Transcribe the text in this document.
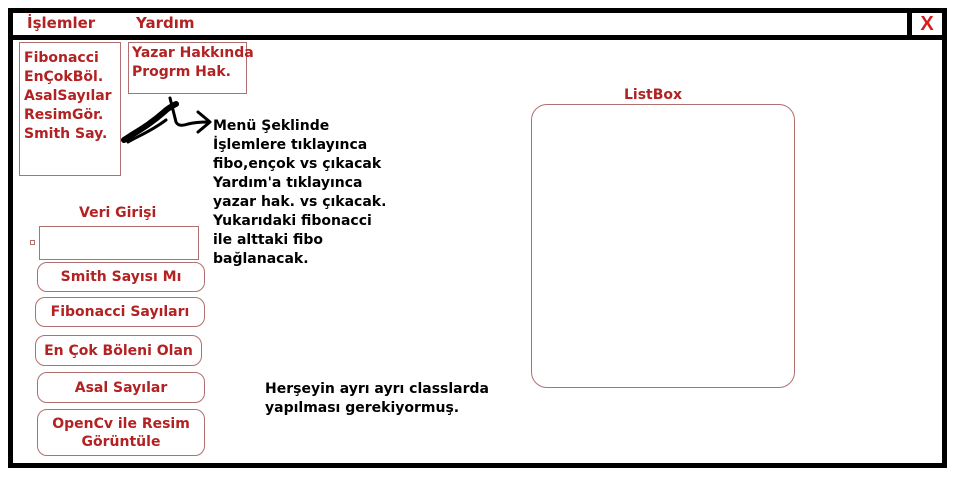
X
İşlemler	Yardım
Fibonacci
EnÇokBöl.
AsalSayılar
ResimGör.
Smith Say.
Yazar Hakkında
Progrm Hak.
Menü Şeklinde
İşlemlere tıklayınca
fibo,ençok vs çıkacak
Yardım'a tıklayınca
yazar hak. vs çıkacak.
Yukarıdaki fibonacci
ile alttaki fibo
bağlanacak.
Herşeyin ayrı ayrı classlarda
yapılması gerekiyormuş.
Veri Girişi
Smith Sayısı Mı
Fibonacci Sayıları
En Çok Böleni Olan
Asal Sayılar
OpenCv ile Resim
Görüntüle
ListBox
